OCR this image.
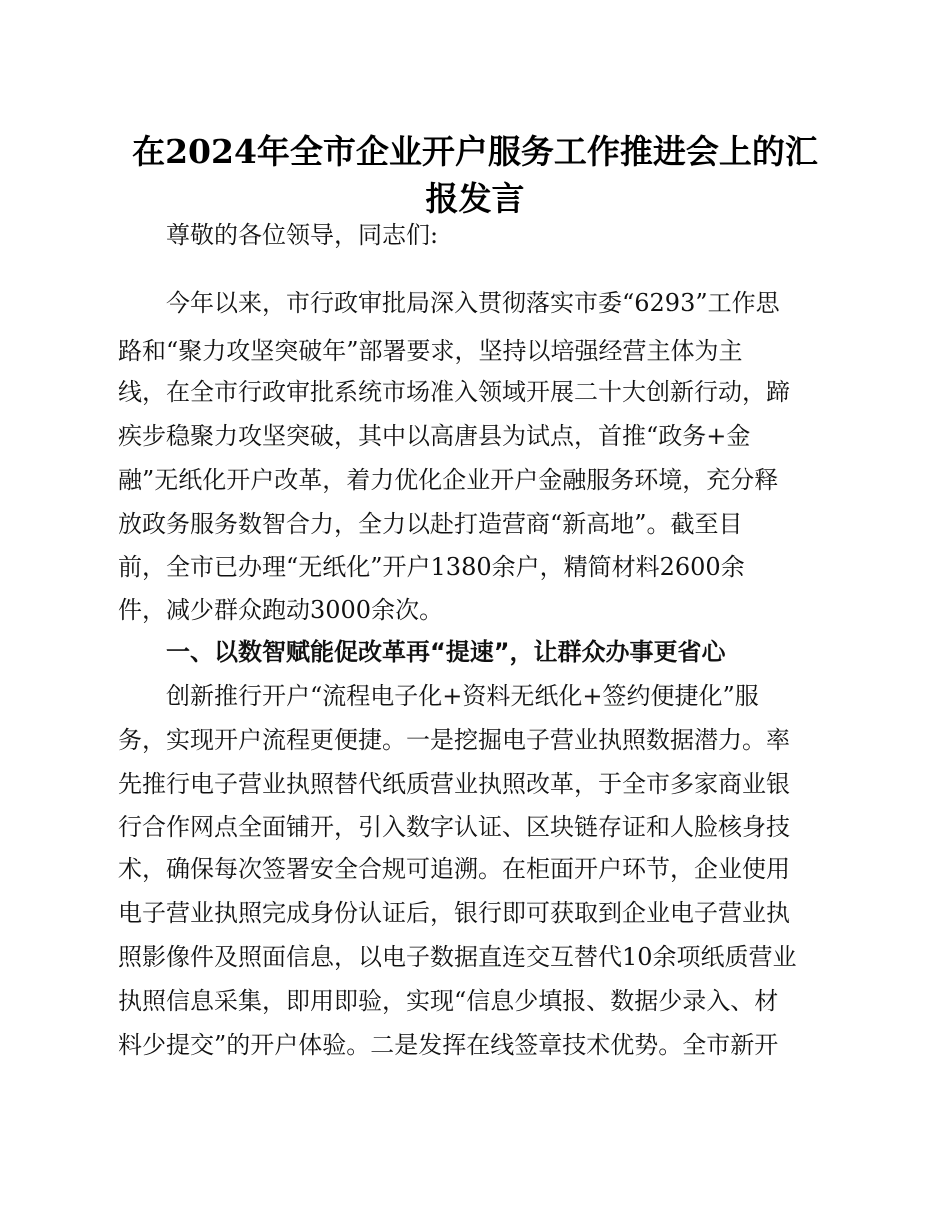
在2024年全市企业开户服务工作推进会上的汇报发言

尊敬的各位领导，同志们:

今年以来，市行政审批局深入贯彻落实市委“6293”工作思

路和“聚力攻坚突破年”部署要求，坚持以培强经营主体为主

线，在全市行政审批系统市场准入领域开展二十大创新行动，蹄

疾步稳聚力攻坚突破，其中以高唐县为试点，首推“政务+金

融”无纸化开户改革，着力优化企业开户金融服务环境，充分释

放政务服务数智合力，全力以赴打造营商“新高地”。截至目

前，全市已办理“无纸化”开户1380余户，精简材料2600余

件，减少群众跑动3000余次。

一、以数智赋能促改革再“提速”，让群众办事更省心

创新推行开户“流程电子化+资料无纸化+签约便捷化”服

务，实现开户流程更便捷。一是挖掘电子营业执照数据潜力。率

先推行电子营业执照替代纸质营业执照改革，于全市多家商业银

行合作网点全面铺开，引入数字认证、区块链存证和人脸核身技

术，确保每次签署安全合规可追溯。在柜面开户环节，企业使用

电子营业执照完成身份认证后，银行即可获取到企业电子营业执

照影像件及照面信息，以电子数据直连交互替代10余项纸质营业

执照信息采集，即用即验，实现“信息少填报、数据少录入、材

料少提交”的开户体验。二是发挥在线签章技术优势。全市新开
